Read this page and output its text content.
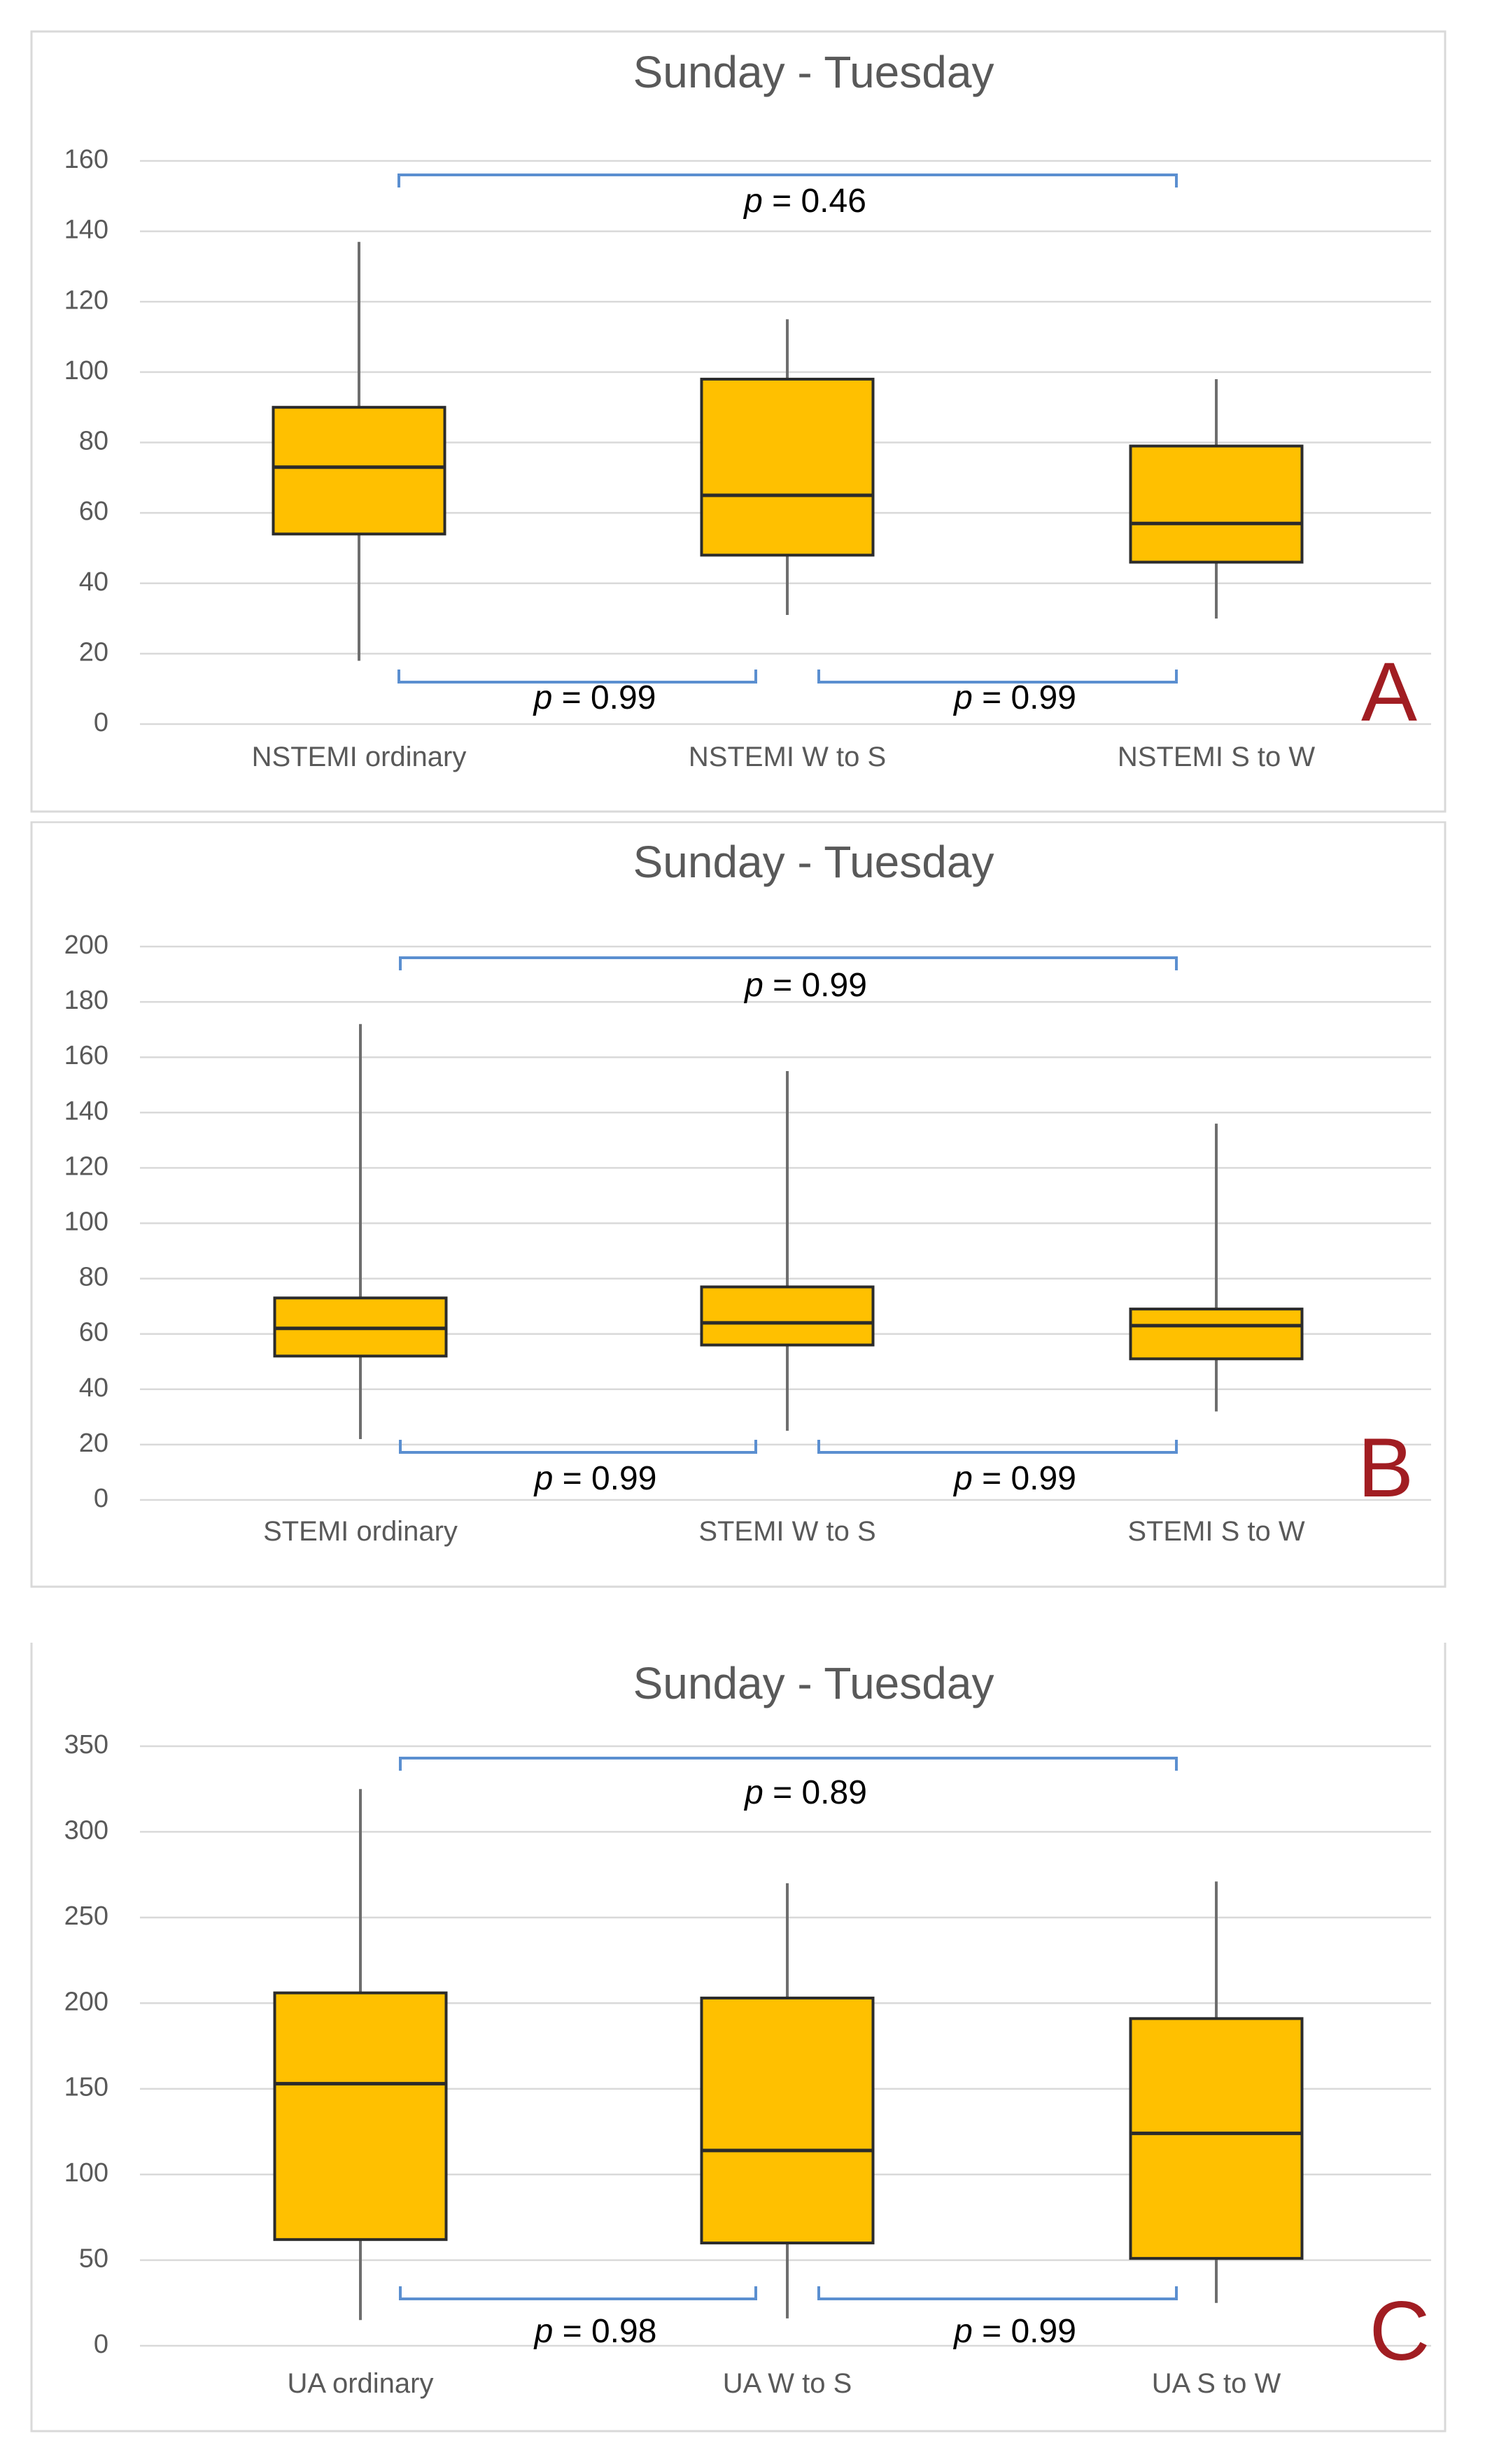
Sunday - Tuesday
0
20
40
60
80
100
120
140
160
NSTEMI ordinary	NSTEMI W to S	NSTEMI S to W
p = 0.46
p = 0.99	p = 0.99	A
Sunday - Tuesday
0
20
40
60
80
100
120
140
160
180
200
STEMI ordinary	STEMI W to S	STEMI S to W
p = 0.99
p = 0.99	p = 0.99	B
Sunday - Tuesday
0
50
100
150
200
250
300
350
UA ordinary	UA W to S	UA S to W
p = 0.89
p = 0.98	p = 0.99	C
